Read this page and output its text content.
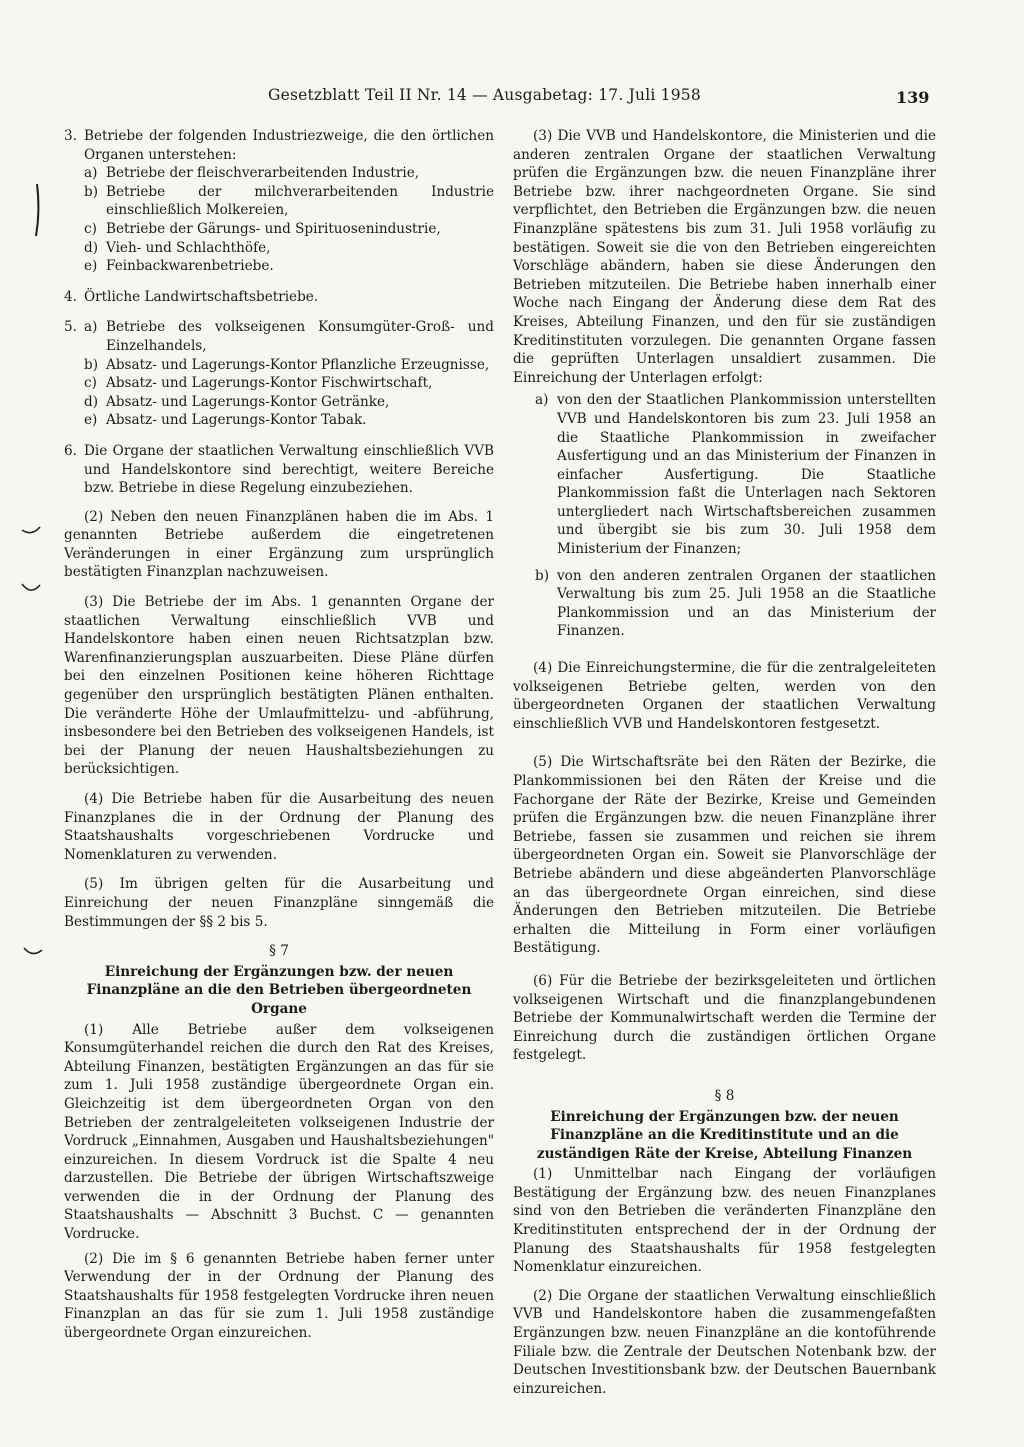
Gesetzblatt Teil II Nr. 14 — Ausgabetag: 17. Juli 1958	139
3. Betriebe der folgenden Industriezweige, die den örtlichen Organen unterstehen:
a) Betriebe der fleischverarbeitenden Industrie,
b) Betriebe der milchverarbeitenden Industrie einschließlich Molkereien,
c) Betriebe der Gärungs- und Spirituosenindustrie,
d) Vieh- und Schlachthöfe,
e) Feinbackwarenbetriebe.
4. Örtliche Landwirtschaftsbetriebe.
5. a) Betriebe des volkseigenen Konsumgüter-Groß- und Einzelhandels,
b) Absatz- und Lagerungs-Kontor Pflanzliche Erzeugnisse,
c) Absatz- und Lagerungs-Kontor Fischwirtschaft,
d) Absatz- und Lagerungs-Kontor Getränke,
e) Absatz- und Lagerungs-Kontor Tabak.
6. Die Organe der staatlichen Verwaltung einschließlich VVB und Handelskontore sind berechtigt, weitere Bereiche bzw. Betriebe in diese Regelung einzubeziehen.

(2) Neben den neuen Finanzplänen haben die im Abs. 1 genannten Betriebe außerdem die eingetretenen Veränderungen in einer Ergänzung zum ursprünglich bestätigten Finanzplan nachzuweisen.

(3) Die Betriebe der im Abs. 1 genannten Organe der staatlichen Verwaltung einschließlich VVB und Handelskontore haben einen neuen Richtsatzplan bzw. Warenfinanzierungsplan auszuarbeiten. Diese Pläne dürfen bei den einzelnen Positionen keine höheren Richttage gegenüber den ursprünglich bestätigten Plänen enthalten. Die veränderte Höhe der Umlaufmittelzu- und -abführung, insbesondere bei den Betrieben des volkseigenen Handels, ist bei der Planung der neuen Haushaltsbeziehungen zu berücksichtigen.

(4) Die Betriebe haben für die Ausarbeitung des neuen Finanzplanes die in der Ordnung der Planung des Staatshaushalts vorgeschriebenen Vordrucke und Nomenklaturen zu verwenden.

(5) Im übrigen gelten für die Ausarbeitung und Einreichung der neuen Finanzpläne sinngemäß die Bestimmungen der §§ 2 bis 5.

§ 7
Einreichung der Ergänzungen bzw. der neuen Finanzpläne an die den Betrieben übergeordneten Organe

(1) Alle Betriebe außer dem volkseigenen Konsumgüterhandel reichen die durch den Rat des Kreises, Abteilung Finanzen, bestätigten Ergänzungen an das für sie zum 1. Juli 1958 zuständige übergeordnete Organ ein. Gleichzeitig ist dem übergeordneten Organ von den Betrieben der zentralgeleiteten volkseigenen Industrie der Vordruck „Einnahmen, Ausgaben und Haushaltsbeziehungen" einzureichen. In diesem Vordruck ist die Spalte 4 neu darzustellen. Die Betriebe der übrigen Wirtschaftszweige verwenden die in der Ordnung der Planung des Staatshaushalts — Abschnitt 3 Buchst. C — genannten Vordrucke.

(2) Die im § 6 genannten Betriebe haben ferner unter Verwendung der in der Ordnung der Planung des Staatshaushalts für 1958 festgelegten Vordrucke ihren neuen Finanzplan an das für sie zum 1. Juli 1958 zuständige übergeordnete Organ einzureichen.

(3) Die VVB und Handelskontore, die Ministerien und die anderen zentralen Organe der staatlichen Verwaltung prüfen die Ergänzungen bzw. die neuen Finanzpläne ihrer Betriebe bzw. ihrer nachgeordneten Organe. Sie sind verpflichtet, den Betrieben die Ergänzungen bzw. die neuen Finanzpläne spätestens bis zum 31. Juli 1958 vorläufig zu bestätigen. Soweit sie die von den Betrieben eingereichten Vorschläge abändern, haben sie diese Änderungen den Betrieben mitzuteilen. Die Betriebe haben innerhalb einer Woche nach Eingang der Änderung diese dem Rat des Kreises, Abteilung Finanzen, und den für sie zuständigen Kreditinstituten vorzulegen. Die genannten Organe fassen die geprüften Unterlagen unsaldiert zusammen. Die Einreichung der Unterlagen erfolgt:

a) von den der Staatlichen Plankommission unterstellten VVB und Handelskontoren bis zum 23. Juli 1958 an die Staatliche Plankommission in zweifacher Ausfertigung und an das Ministerium der Finanzen in einfacher Ausfertigung. Die Staatliche Plankommission faßt die Unterlagen nach Sektoren untergliedert nach Wirtschaftsbereichen zusammen und übergibt sie bis zum 30. Juli 1958 dem Ministerium der Finanzen;
b) von den anderen zentralen Organen der staatlichen Verwaltung bis zum 25. Juli 1958 an die Staatliche Plankommission und an das Ministerium der Finanzen.

(4) Die Einreichungstermine, die für die zentralgeleiteten volkseigenen Betriebe gelten, werden von den übergeordneten Organen der staatlichen Verwaltung einschließlich VVB und Handelskontoren festgesetzt.

(5) Die Wirtschaftsräte bei den Räten der Bezirke, die Plankommissionen bei den Räten der Kreise und die Fachorgane der Räte der Bezirke, Kreise und Gemeinden prüfen die Ergänzungen bzw. die neuen Finanzpläne ihrer Betriebe, fassen sie zusammen und reichen sie ihrem übergeordneten Organ ein. Soweit sie Planvorschläge der Betriebe abändern und diese abgeänderten Planvorschläge an das übergeordnete Organ einreichen, sind diese Änderungen den Betrieben mitzuteilen. Die Betriebe erhalten die Mitteilung in Form einer vorläufigen Bestätigung.

(6) Für die Betriebe der bezirksgeleiteten und örtlichen volkseigenen Wirtschaft und die finanzplangebundenen Betriebe der Kommunalwirtschaft werden die Termine der Einreichung durch die zuständigen örtlichen Organe festgelegt.

§ 8
Einreichung der Ergänzungen bzw. der neuen Finanzpläne an die Kreditinstitute und an die zuständigen Räte der Kreise, Abteilung Finanzen

(1) Unmittelbar nach Eingang der vorläufigen Bestätigung der Ergänzung bzw. des neuen Finanzplanes sind von den Betrieben die veränderten Finanzpläne den Kreditinstituten entsprechend der in der Ordnung der Planung des Staatshaushalts für 1958 festgelegten Nomenklatur einzureichen.

(2) Die Organe der staatlichen Verwaltung einschließlich VVB und Handelskontore haben die zusammengefaßten Ergänzungen bzw. neuen Finanzpläne an die kontoführende Filiale bzw. die Zentrale der Deutschen Notenbank bzw. der Deutschen Investitionsbank bzw. der Deutschen Bauernbank einzureichen.
